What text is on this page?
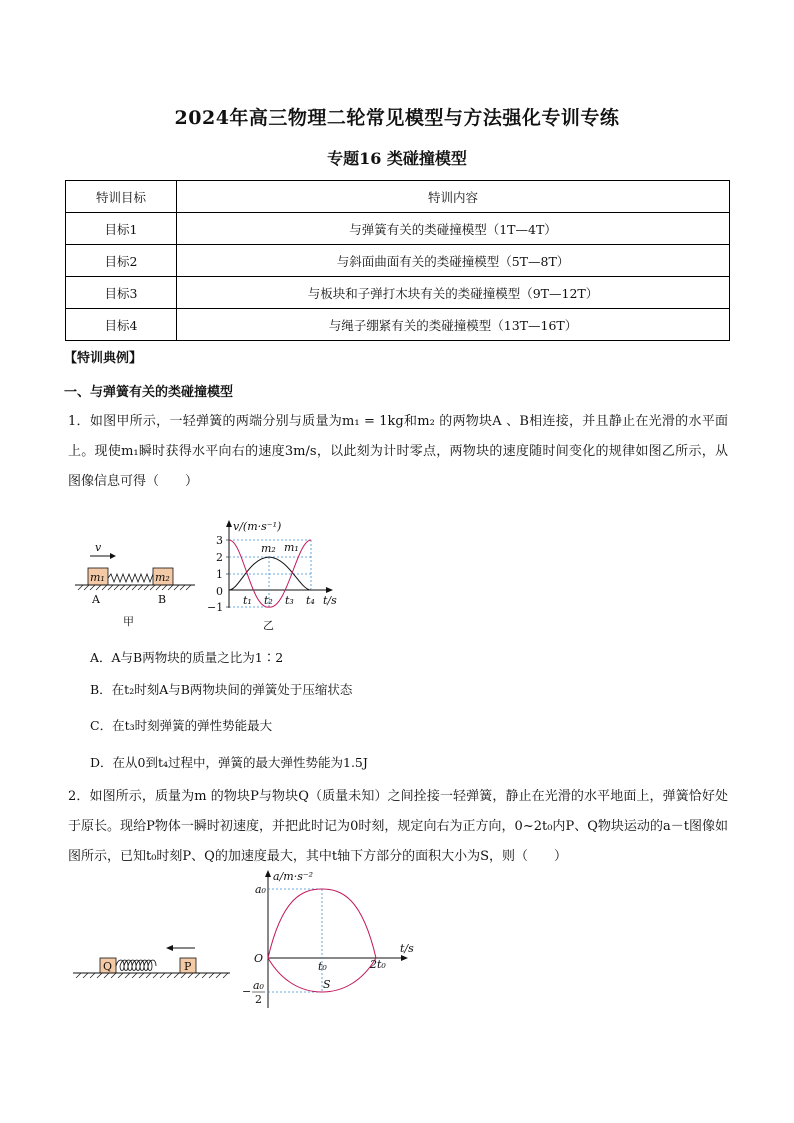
2024年高三物理二轮常见模型与方法强化专训专练
专题16 类碰撞模型
特训目标	特训内容
目标1	与弹簧有关的类碰撞模型（1T—4T）
目标2	与斜面曲面有关的类碰撞模型（5T—8T）
目标3	与板块和子弹打木块有关的类碰撞模型（9T—12T）
目标4	与绳子绷紧有关的类碰撞模型（13T—16T）
【特训典例】
一、与弹簧有关的类碰撞模型
1．如图甲所示，一轻弹簧的两端分别与质量为m₁ = 1kg和m₂ 的两物块A 、B相连接，并且静止在光滑的水平面上。现使m₁瞬时获得水平向右的速度3m/s，以此刻为计时零点，两物块的速度随时间变化的规律如图乙所示，从图像信息可得（　　）
v
m₁	m₂
A	B
甲
v/(m·s⁻¹)
t/s
3
2
1
0
−1
t₁ t₂ t₃ t₄
m₂ m₁
乙
A．A与B两物块的质量之比为1∶2
B．在t₂时刻A与B两物块间的弹簧处于压缩状态
C．在t₃时刻弹簧的弹性势能最大
D．在从0到t₄过程中，弹簧的最大弹性势能为1.5J
2．如图所示，质量为m 的物块P与物块Q（质量未知）之间拴接一轻弹簧，静止在光滑的水平地面上，弹簧恰好处于原长。现给P物体一瞬时初速度，并把此时记为0时刻，规定向右为正方向，0~2t₀内P、Q物块运动的a－t图像如图所示，已知t₀时刻P、Q的加速度最大，其中t轴下方部分的面积大小为S，则（　　）
Q	P
a/m·s⁻²
t/s
a₀
O
t₀	2t₀
S
− a₀
2
